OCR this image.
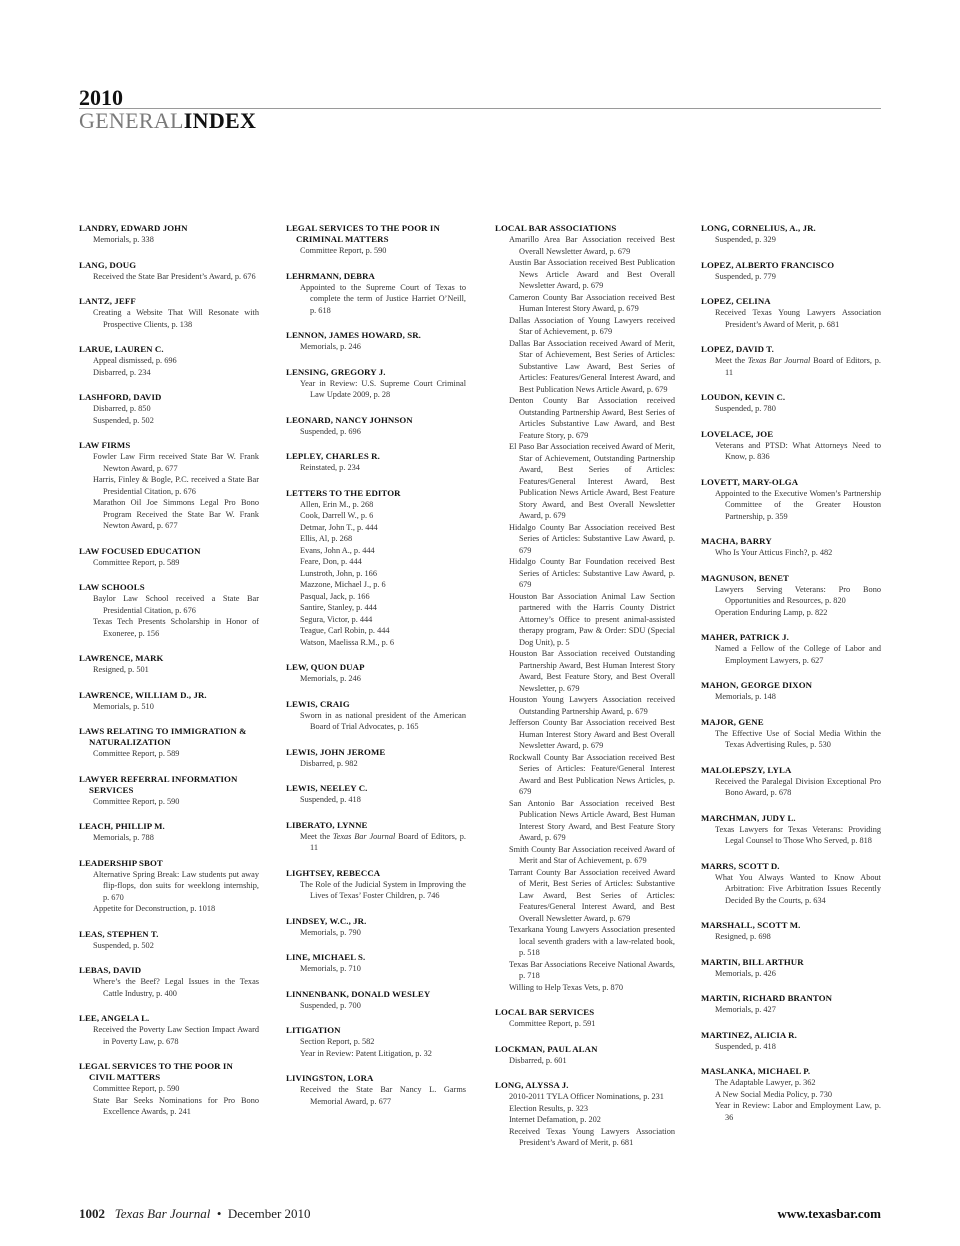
2010
GENERALINDEX
LANDRY, EDWARD JOHN
Memorials, p. 338
LANG, DOUG
Received the State Bar President’s Award, p. 676
LANTZ, JEFF
Creating a Website That Will Resonate with Prospective Clients, p. 138
LARUE, LAUREN C.
Appeal dismissed, p. 696
Disbarred, p. 234
LASHFORD, DAVID
Disbarred, p. 850
Suspended, p. 502
LAW FIRMS
Fowler Law Firm received State Bar W. Frank Newton Award, p. 677
Harris, Finley & Bogle, P.C. received a State Bar Presidential Citation, p. 676
Marathon Oil Joe Simmons Legal Pro Bono Program Received the State Bar W. Frank Newton Award, p. 677
LAW FOCUSED EDUCATION
Committee Report, p. 589
LAW SCHOOLS
Baylor Law School received a State Bar Presidential Citation, p. 676
Texas Tech Presents Scholarship in Honor of Exoneree, p. 156
LAWRENCE, MARK
Resigned, p. 501
LAWRENCE, WILLIAM D., JR.
Memorials, p. 510
LAWS RELATING TO IMMIGRATION & NATURALIZATION
Committee Report, p. 589
LAWYER REFERRAL INFORMATION SERVICES
Committee Report, p. 590
LEACH, PHILLIP M.
Memorials, p. 788
LEADERSHIP SBOT
Alternative Spring Break: Law students put away flip-flops, don suits for weeklong internship, p. 670
Appetite for Deconstruction, p. 1018
LEAS, STEPHEN T.
Suspended, p. 502
LEBAS, DAVID
Where’s the Beef? Legal Issues in the Texas Cattle Industry, p. 400
LEE, ANGELA L.
Received the Poverty Law Section Impact Award in Poverty Law, p. 678
LEGAL SERVICES TO THE POOR IN CIVIL MATTERS
Committee Report, p. 590
State Bar Seeks Nominations for Pro Bono Excellence Awards, p. 241
LEGAL SERVICES TO THE POOR IN CRIMINAL MATTERS
Committee Report, p. 590
LEHRMANN, DEBRA
Appointed to the Supreme Court of Texas to complete the term of Justice Harriet O’Neill, p. 618
LENNON, JAMES HOWARD, SR.
Memorials, p. 246
LENSING, GREGORY J.
Year in Review: U.S. Supreme Court Criminal Law Update 2009, p. 28
LEONARD, NANCY JOHNSON
Suspended, p. 696
LEPLEY, CHARLES R.
Reinstated, p. 234
LETTERS TO THE EDITOR
Allen, Erin M., p. 268
Cook, Darrell W., p. 6
Detmar, John T., p. 444
Ellis, Al, p. 268
Evans, John A., p. 444
Feare, Don, p. 444
Lunstroth, John, p. 166
Mazzone, Michael J., p. 6
Pasqual, Jack, p. 166
Santire, Stanley, p. 444
Segura, Victor, p. 444
Teague, Carl Robin, p. 444
Watson, Maelissa R.M., p. 6
LEW, QUON DUAP
Memorials, p. 246
LEWIS, CRAIG
Sworn in as national president of the American Board of Trial Advocates, p. 165
LEWIS, JOHN JEROME
Disbarred, p. 982
LEWIS, NEELEY C.
Suspended, p. 418
LIBERATO, LYNNE
Meet the Texas Bar Journal Board of Editors, p. 11
LIGHTSEY, REBECCA
The Role of the Judicial System in Improving the Lives of Texas’ Foster Children, p. 746
LINDSEY, W.C., JR.
Memorials, p. 790
LINE, MICHAEL S.
Memorials, p. 710
LINNENBANK, DONALD WESLEY
Suspended, p. 700
LITIGATION
Section Report, p. 582
Year in Review: Patent Litigation, p. 32
LIVINGSTON, LORA
Received the State Bar Nancy L. Garms Memorial Award, p. 677
LOCAL BAR ASSOCIATIONS
Amarillo Area Bar Association received Best Overall Newsletter Award, p. 679
Austin Bar Association received Best Publication News Article Award and Best Overall Newsletter Award, p. 679
Cameron County Bar Association received Best Human Interest Story Award, p. 679
Dallas Association of Young Lawyers received Star of Achievement, p. 679
Dallas Bar Association received Award of Merit, Star of Achievement, Best Series of Articles: Substantive Law Award, Best Series of Articles: Features/General Interest Award, and Best Publication News Article Award, p. 679
Denton County Bar Association received Outstanding Partnership Award, Best Series of Articles Substantive Law Award, and Best Feature Story, p. 679
El Paso Bar Association received Award of Merit, Star of Achievement, Outstanding Partnership Award, Best Series of Articles: Features/General Interest Award, Best Publication News Article Award, Best Feature Story Award, and Best Overall Newsletter Award, p. 679
Hidalgo County Bar Association received Best Series of Articles: Substantive Law Award, p. 679
Hidalgo County Bar Foundation received Best Series of Articles: Substantive Law Award, p. 679
Houston Bar Association Animal Law Section partnered with the Harris County District Attorney’s Office to present animal-assisted therapy program, Paw & Order: SDU (Special Dog Unit), p. 5
Houston Bar Association received Outstanding Partnership Award, Best Human Interest Story Award, Best Feature Story, and Best Overall Newsletter, p. 679
Houston Young Lawyers Association received Outstanding Partnership Award, p. 679
Jefferson County Bar Association received Best Human Interest Story Award and Best Overall Newsletter Award, p. 679
Rockwall County Bar Association received Best Series of Articles: Feature/General Interest Award and Best Publication News Articles, p. 679
San Antonio Bar Association received Best Publication News Article Award, Best Human Interest Story Award, and Best Feature Story Award, p. 679
Smith County Bar Association received Award of Merit and Star of Achievement, p. 679
Tarrant County Bar Association received Award of Merit, Best Series of Articles: Substantive Law Award, Best Series of Articles: Features/General Interest Award, and Best Overall Newsletter Award, p. 679
Texarkana Young Lawyers Association presented local seventh graders with a law-related book, p. 518
Texas Bar Associations Receive National Awards, p. 718
Willing to Help Texas Vets, p. 870
LOCAL BAR SERVICES
Committee Report, p. 591
LOCKMAN, PAUL ALAN
Disbarred, p. 601
LONG, ALYSSA J.
2010-2011 TYLA Officer Nominations, p. 231
Election Results, p. 323
Internet Defamation, p. 202
Received Texas Young Lawyers Association President’s Award of Merit, p. 681
LONG, CORNELIUS, A., JR.
Suspended, p. 329
LOPEZ, ALBERTO FRANCISCO
Suspended, p. 779
LOPEZ, CELINA
Received Texas Young Lawyers Association President’s Award of Merit, p. 681
LOPEZ, DAVID T.
Meet the Texas Bar Journal Board of Editors, p. 11
LOUDON, KEVIN C.
Suspended, p. 780
LOVELACE, JOE
Veterans and PTSD: What Attorneys Need to Know, p. 836
LOVETT, MARY-OLGA
Appointed to the Executive Women’s Partnership Committee of the Greater Houston Partnership, p. 359
MACHA, BARRY
Who Is Your Atticus Finch?, p. 482
MAGNUSON, BENET
Lawyers Serving Veterans: Pro Bono Opportunities and Resources, p. 820
Operation Enduring Lamp, p. 822
MAHER, PATRICK J.
Named a Fellow of the College of Labor and Employment Lawyers, p. 627
MAHON, GEORGE DIXON
Memorials, p. 148
MAJOR, GENE
The Effective Use of Social Media Within the Texas Advertising Rules, p. 530
MALOLEPSZY, LYLA
Received the Paralegal Division Exceptional Pro Bono Award, p. 678
MARCHMAN, JUDY L.
Texas Lawyers for Texas Veterans: Providing Legal Counsel to Those Who Served, p. 818
MARRS, SCOTT D.
What You Always Wanted to Know About Arbitration: Five Arbitration Issues Recently Decided By the Courts, p. 634
MARSHALL, SCOTT M.
Resigned, p. 698
MARTIN, BILL ARTHUR
Memorials, p. 426
MARTIN, RICHARD BRANTON
Memorials, p. 427
MARTINEZ, ALICIA R.
Suspended, p. 418
MASLANKA, MICHAEL P.
The Adaptable Lawyer, p. 362
A New Social Media Policy, p. 730
Year in Review: Labor and Employment Law, p. 36
1002 Texas Bar Journal • December 2010	www.texasbar.com
